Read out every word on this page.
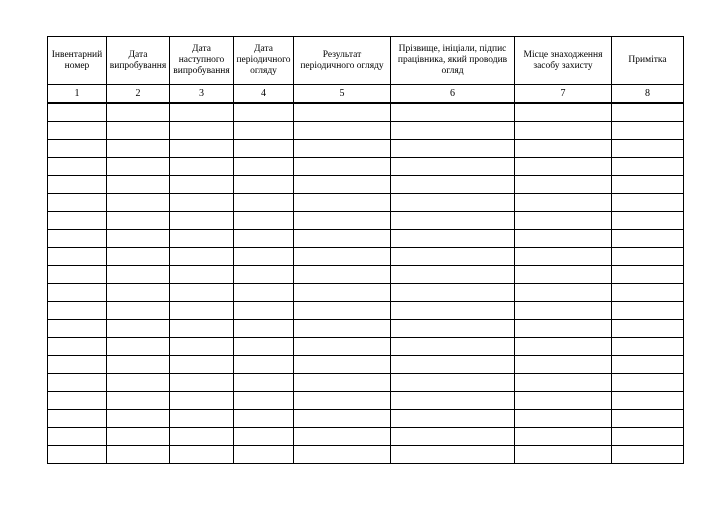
Інвентарний номер	Дата випробування	Дата наступного випробування	Дата періодичного огляду	Результат періодичного огляду	Прізвище, ініціали, підпис працівника, який проводив огляд	Місце знаходження засобу захисту	Примітка
1	2	3	4	5	6	7	8
